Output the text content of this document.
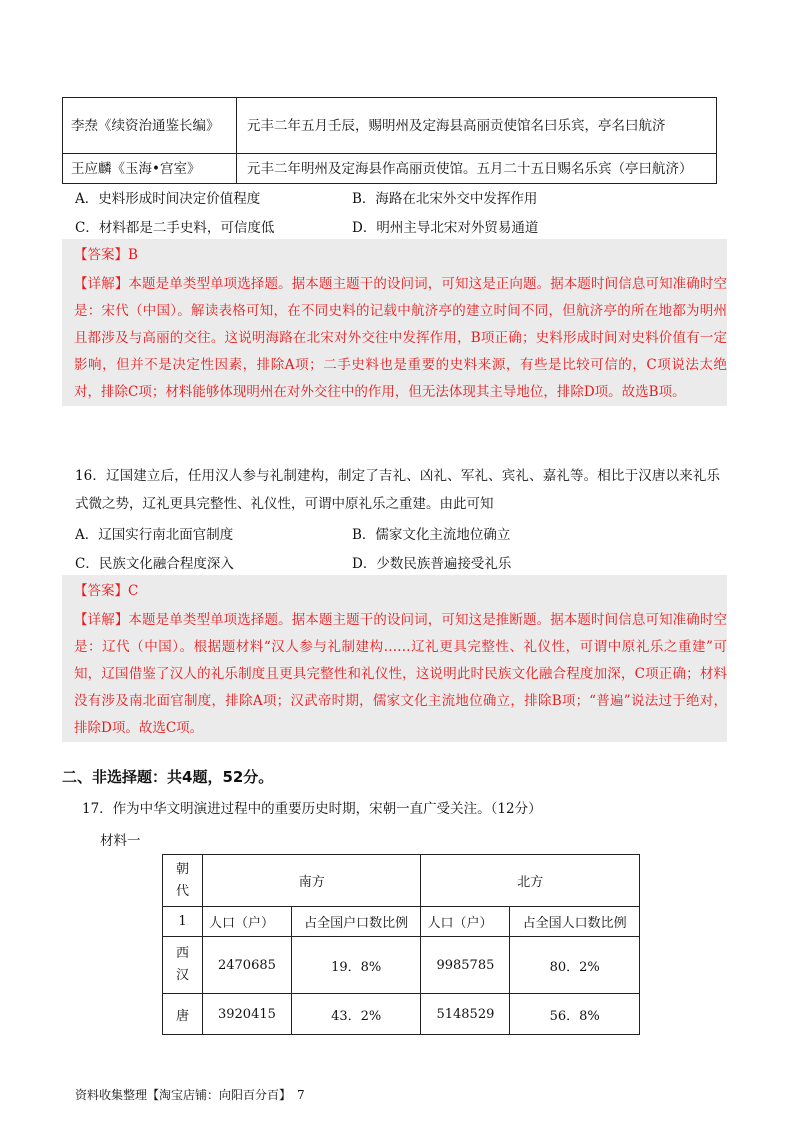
李焘《续资治通鉴长编》	元丰二年五月壬辰，赐明州及定海县高丽贡使馆名曰乐宾，亭名曰航济
王应麟《玉海•宫室》	元丰二年明州及定海县作高丽贡使馆。五月二十五日赐名乐宾（亭曰航济）
A．史料形成时间决定价值程度	B．海路在北宋外交中发挥作用
C．材料都是二手史料，可信度低	D．明州主导北宋对外贸易通道
【答案】B
【详解】本题是单类型单项选择题。据本题主题干的设问词，可知这是正向题。据本题时间信息可知准确时空是：宋代（中国）。解读表格可知，在不同史料的记载中航济亭的建立时间不同，但航济亭的所在地都为明州且都涉及与高丽的交往。这说明海路在北宋对外交往中发挥作用，B项正确；史料形成时间对史料价值有一定影响，但并不是决定性因素，排除A项；二手史料也是重要的史料来源，有些是比较可信的，C项说法太绝对，排除C项；材料能够体现明州在对外交往中的作用，但无法体现其主导地位，排除D项。故选B项。
16．辽国建立后，任用汉人参与礼制建构，制定了吉礼、凶礼、军礼、宾礼、嘉礼等。相比于汉唐以来礼乐式微之势，辽礼更具完整性、礼仪性，可谓中原礼乐之重建。由此可知
A．辽国实行南北面官制度	B．儒家文化主流地位确立
C．民族文化融合程度深入	D．少数民族普遍接受礼乐
【答案】C
【详解】本题是单类型单项选择题。据本题主题干的设问词，可知这是推断题。据本题时间信息可知准确时空是：辽代（中国）。根据题材料“汉人参与礼制建构……辽礼更具完整性、礼仪性，可谓中原礼乐之重建”可知，辽国借鉴了汉人的礼乐制度且更具完整性和礼仪性，这说明此时民族文化融合程度加深，C项正确；材料没有涉及南北面官制度，排除A项；汉武帝时期，儒家文化主流地位确立，排除B项；“普遍”说法过于绝对，排除D项。故选C项。
二、非选择题：共4题，52分。
17．作为中华文明演进过程中的重要历史时期，宋朝一直广受关注。（12分）
材料一
朝
代	南方		北方	
1	人口（户）	占全国户口数比例	人口（户）	占全国人口数比例

西
汉	2470685	19．8%	9985785	80．2%
唐	3920415	43．2%	5148529	56．8%
资料收集整理【淘宝店铺：向阳百分百】　7
